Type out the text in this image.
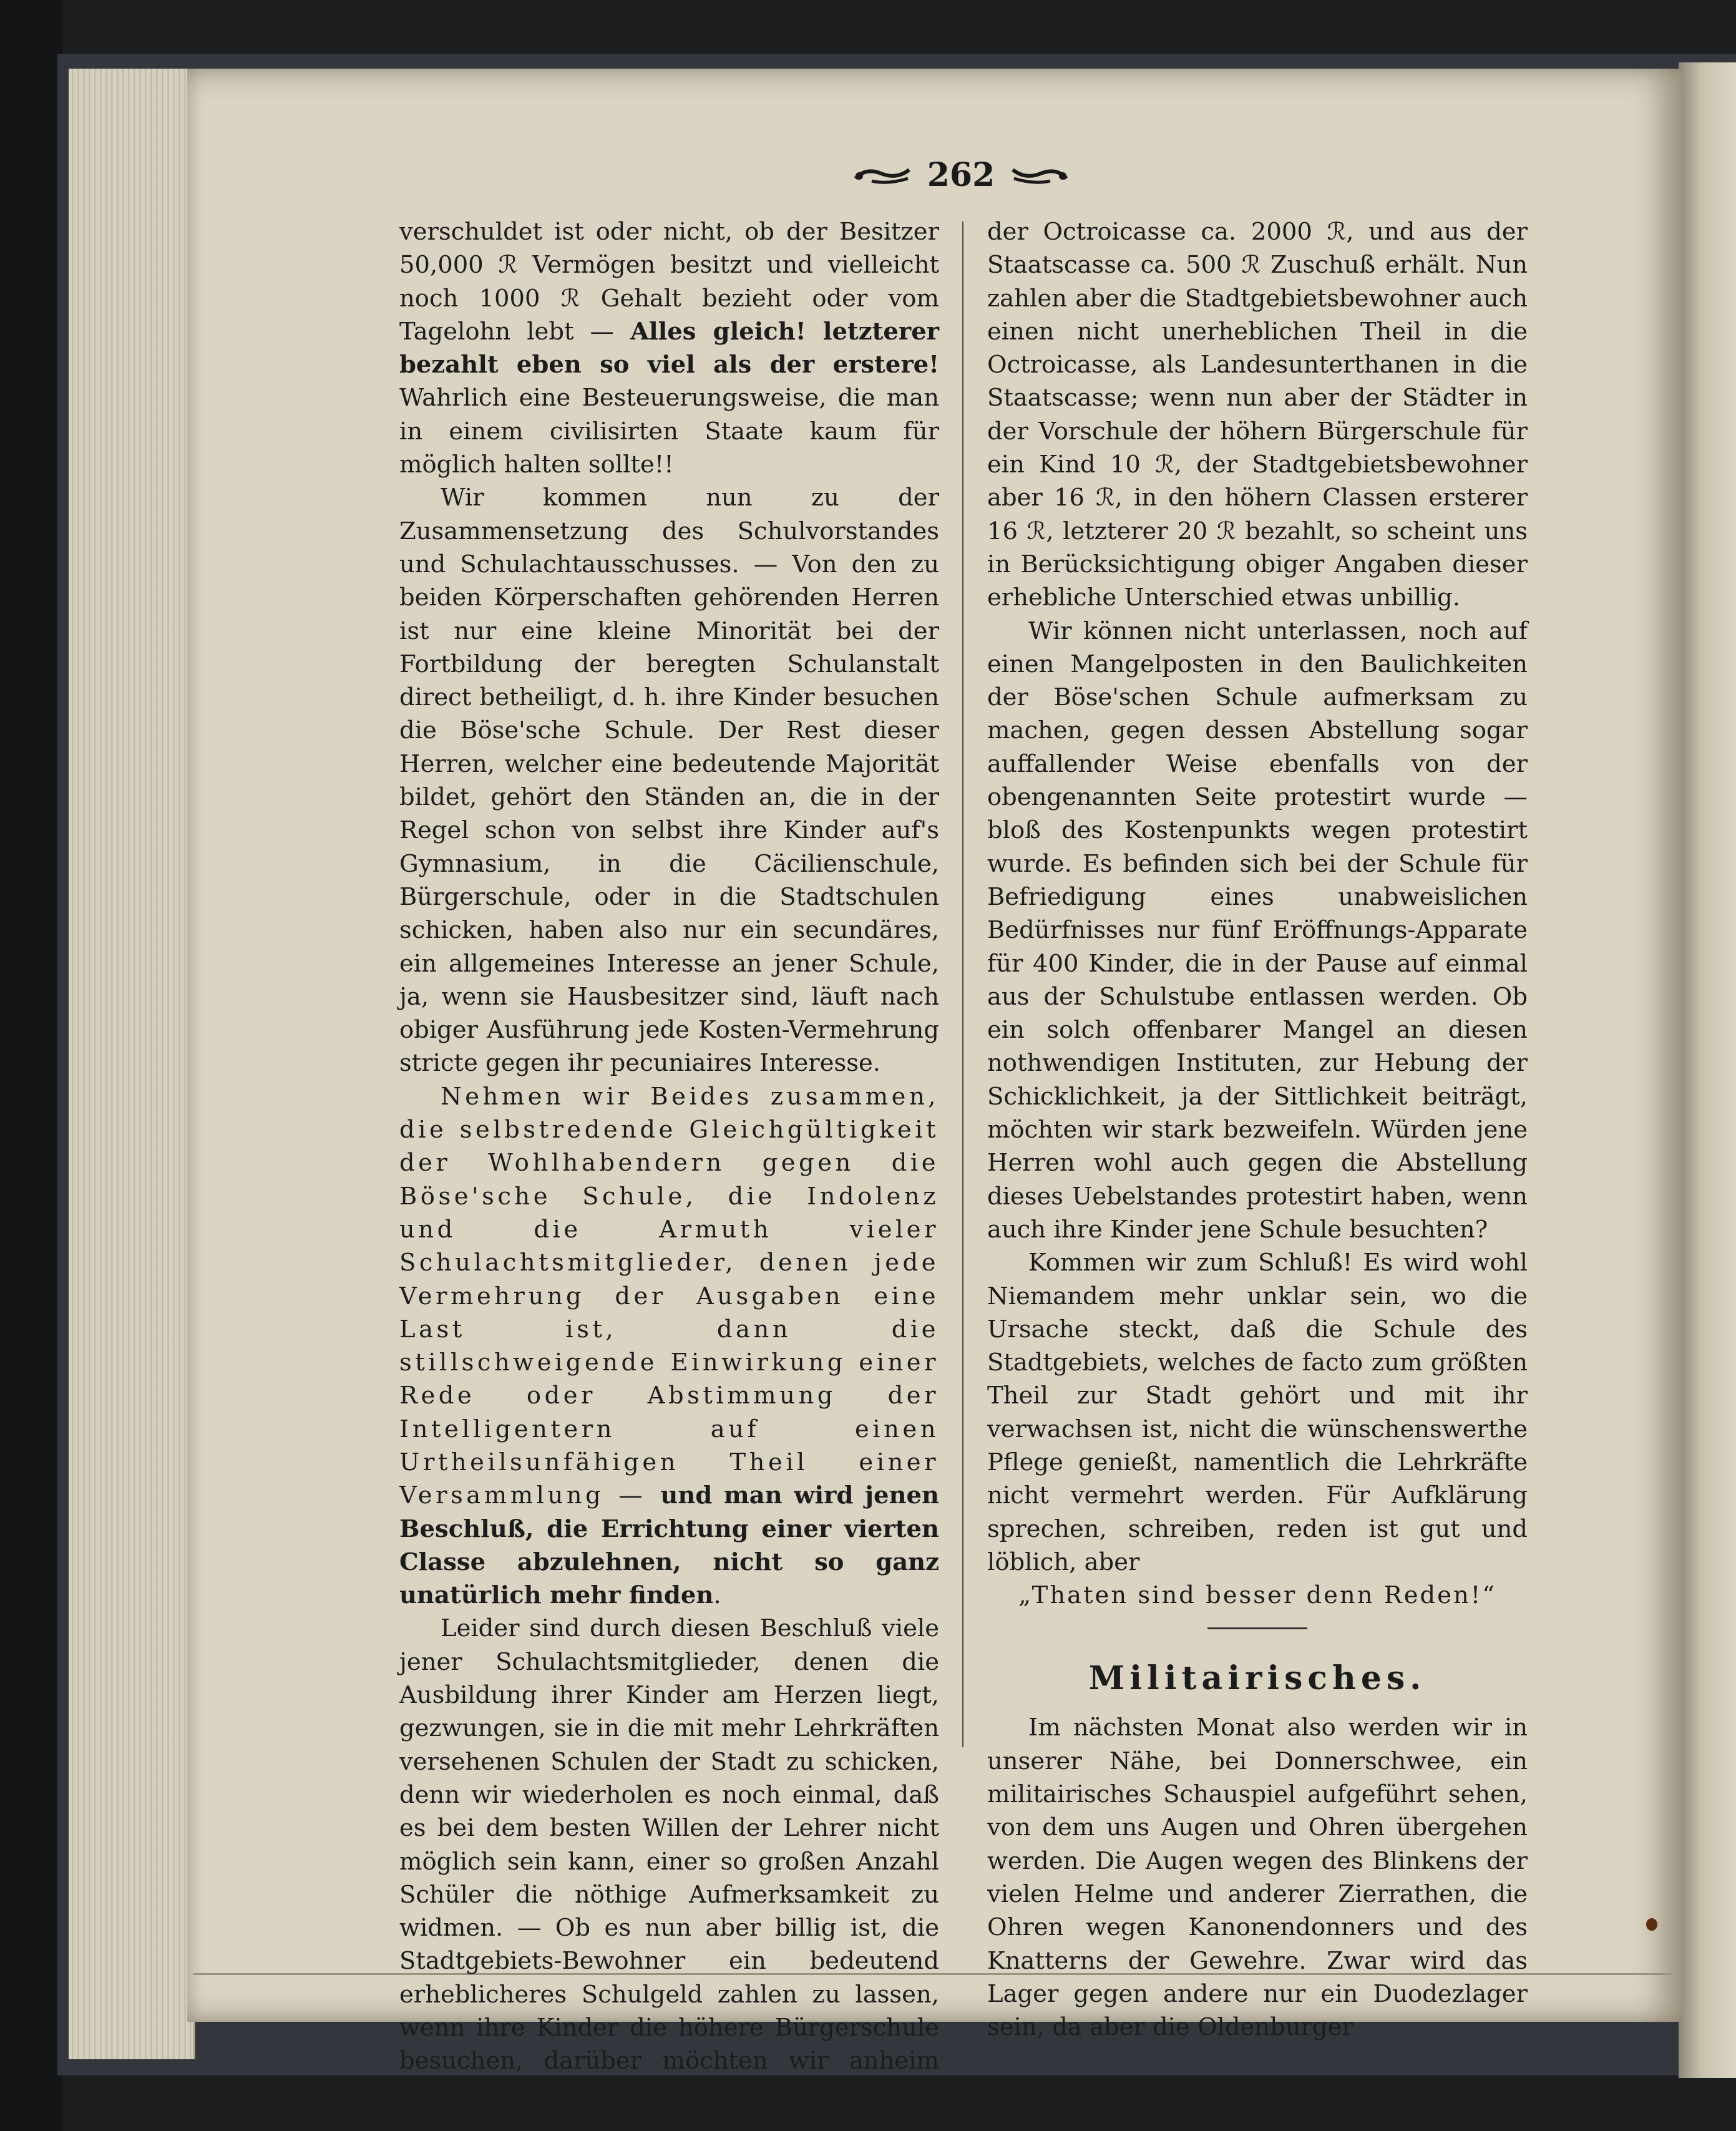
262

verschuldet ist oder nicht, ob der Besitzer 50,000 ℛ Vermögen besitzt und vielleicht noch 1000 ℛ Gehalt bezieht oder vom Tagelohn lebt — Alles gleich! letzterer bezahlt eben so viel als der erstere! Wahrlich eine Besteuerungsweise, die man in einem civilisirten Staate kaum für möglich halten sollte!!

Wir kommen nun zu der Zusammensetzung des Schulvorstandes und Schulachtausschusses. — Von den zu beiden Körperschaften gehörenden Herren ist nur eine kleine Minorität bei der Fortbildung der beregten Schulanstalt direct betheiligt, d. h. ihre Kinder besuchen die Böse'sche Schule. Der Rest dieser Herren, welcher eine bedeutende Majorität bildet, gehört den Ständen an, die in der Regel schon von selbst ihre Kinder auf's Gymnasium, in die Cäcilienschule, Bürgerschule, oder in die Stadtschulen schicken, haben also nur ein secundäres, ein allgemeines Interesse an jener Schule, ja, wenn sie Hausbesitzer sind, läuft nach obiger Ausführung jede Kosten-Vermehrung stricte gegen ihr pecuniaires Interesse.

Nehmen wir Beides zusammen, die selbstredende Gleichgültigkeit der Wohlhabendern gegen die Böse'sche Schule, die Indolenz und die Armuth vieler Schulachtsmitglieder, denen jede Vermehrung der Ausgaben eine Last ist, dann die stillschweigende Einwirkung einer Rede oder Abstimmung der Intelligentern auf einen Urtheilsunfähigen Theil einer Versammlung — und man wird jenen Beschluß, die Errichtung einer vierten Classe abzulehnen, nicht so ganz unatürlich mehr finden.

Leider sind durch diesen Beschluß viele jener Schulachtsmitglieder, denen die Ausbildung ihrer Kinder am Herzen liegt, gezwungen, sie in die mit mehr Lehrkräften versehenen Schulen der Stadt zu schicken, denn wir wiederholen es noch einmal, daß es bei dem besten Willen der Lehrer nicht möglich sein kann, einer so großen Anzahl Schüler die nöthige Aufmerksamkeit zu widmen. — Ob es nun aber billig ist, die Stadtgebiets-Bewohner ein bedeutend erheblicheres Schulgeld zahlen zu lassen, wenn ihre Kinder die höhere Bürgerschule besuchen, darüber möchten wir anheim geben, daß diese aus

der Octroicasse ca. 2000 ℛ, und aus der Staatscasse ca. 500 ℛ Zuschuß erhält. Nun zahlen aber die Stadtgebietsbewohner auch einen nicht unerheblichen Theil in die Octroicasse, als Landesunterthanen in die Staatscasse; wenn nun aber der Städter in der Vorschule der höhern Bürgerschule für ein Kind 10 ℛ, der Stadtgebietsbewohner aber 16 ℛ, in den höhern Classen ersterer 16 ℛ, letzterer 20 ℛ bezahlt, so scheint uns in Berücksichtigung obiger Angaben dieser erhebliche Unterschied etwas unbillig.

Wir können nicht unterlassen, noch auf einen Mangelposten in den Baulichkeiten der Böse'schen Schule aufmerksam zu machen, gegen dessen Abstellung sogar auffallender Weise ebenfalls von der obengenannten Seite protestirt wurde — bloß des Kostenpunkts wegen protestirt wurde. Es befinden sich bei der Schule für Befriedigung eines unabweislichen Bedürfnisses nur fünf Eröffnungs-Apparate für 400 Kinder, die in der Pause auf einmal aus der Schulstube entlassen werden. Ob ein solch offenbarer Mangel an diesen nothwendigen Instituten, zur Hebung der Schicklichkeit, ja der Sittlichkeit beiträgt, möchten wir stark bezweifeln. Würden jene Herren wohl auch gegen die Abstellung dieses Uebelstandes protestirt haben, wenn auch ihre Kinder jene Schule besuchten?

Kommen wir zum Schluß! Es wird wohl Niemandem mehr unklar sein, wo die Ursache steckt, daß die Schule des Stadtgebiets, welches de facto zum größten Theil zur Stadt gehört und mit ihr verwachsen ist, nicht die wünschenswerthe Pflege genießt, namentlich die Lehrkräfte nicht vermehrt werden. Für Aufklärung sprechen, schreiben, reden ist gut und löblich, aber

„Thaten sind besser denn Reden!“

Militairisches.

Im nächsten Monat also werden wir in unserer Nähe, bei Donnerschwee, ein militairisches Schauspiel aufgeführt sehen, von dem uns Augen und Ohren übergehen werden. Die Augen wegen des Blinkens der vielen Helme und anderer Zierrathen, die Ohren wegen Kanonendonners und des Knatterns der Gewehre. Zwar wird das Lager gegen andere nur ein Duodezlager sein, da aber die Oldenburger
